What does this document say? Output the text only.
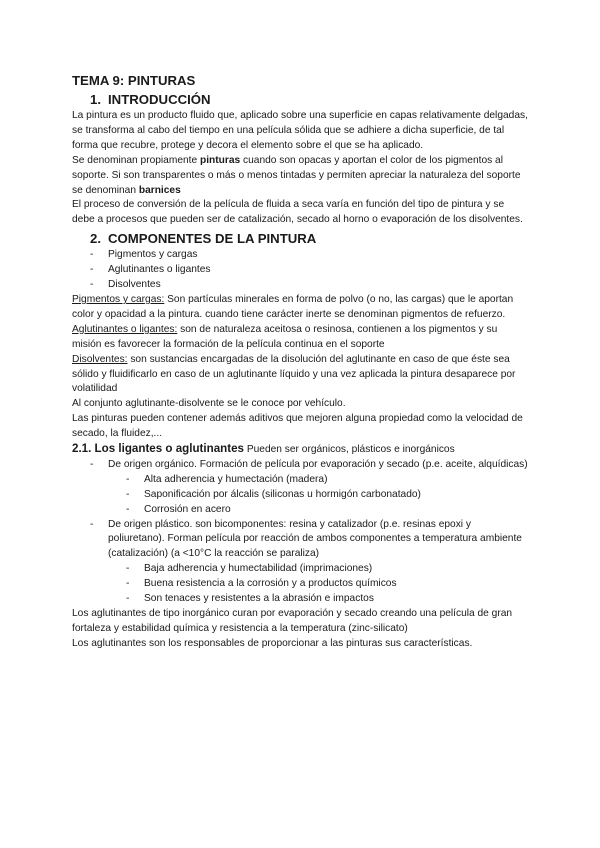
TEMA 9: PINTURAS

1. INTRODUCCIÓN

La pintura es un producto fluido que, aplicado sobre una superficie en capas relativamente delgadas, se transforma al cabo del tiempo en una película sólida que se adhiere a dicha superficie, de tal forma que recubre, protege y decora el elemento sobre el que se ha aplicado.

Se denominan propiamente pinturas cuando son opacas y aportan el color de los pigmentos al soporte. Si son transparentes o más o menos tintadas y permiten apreciar la naturaleza del soporte se denominan barnices

El proceso de conversión de la película de fluida a seca varía en función del tipo de pintura y se debe a procesos que pueden ser de catalización, secado al horno o evaporación de los disolventes.

2. COMPONENTES DE LA PINTURA

- Pigmentos y cargas
- Aglutinantes o ligantes
- Disolventes

Pigmentos y cargas: Son partículas minerales en forma de polvo (o no, las cargas) que le aportan color y opacidad a la pintura. cuando tiene carácter inerte se denominan pigmentos de refuerzo.

Aglutinantes o ligantes: son de naturaleza aceitosa o resinosa, contienen a los pigmentos y su misión es favorecer la formación de la película continua en el soporte

Disolventes: son sustancias encargadas de la disolución del aglutinante en caso de que éste sea sólido y fluidificarlo en caso de un aglutinante líquido y una vez aplicada la pintura desaparece por volatilidad

Al conjunto aglutinante-disolvente se le conoce por vehículo.

Las pinturas pueden contener además aditivos que mejoren alguna propiedad como la velocidad de secado, la fluidez,...

2.1. Los ligantes o aglutinantes Pueden ser orgánicos, plásticos e inorgánicos

- De origen orgánico. Formación de película por evaporación y secado (p.e. aceite, alquídicas)
- Alta adherencia y humectación (madera)
- Saponificación por álcalis (siliconas u hormigón carbonatado)
- Corrosión en acero
- De origen plástico. son bicomponentes: resina y catalizador (p.e. resinas epoxi y poliuretano). Forman película por reacción de ambos componentes a temperatura ambiente (catalización) (a <10°C la reacción se paraliza)
- Baja adherencia y humectabilidad (imprimaciones)
- Buena resistencia a la corrosión y a productos químicos
- Son tenaces y resistentes a la abrasión e impactos

Los aglutinantes de tipo inorgánico curan por evaporación y secado creando una película de gran fortaleza y estabilidad química y resistencia a la temperatura (zinc-silicato)

Los aglutinantes son los responsables de proporcionar a las pinturas sus características.
